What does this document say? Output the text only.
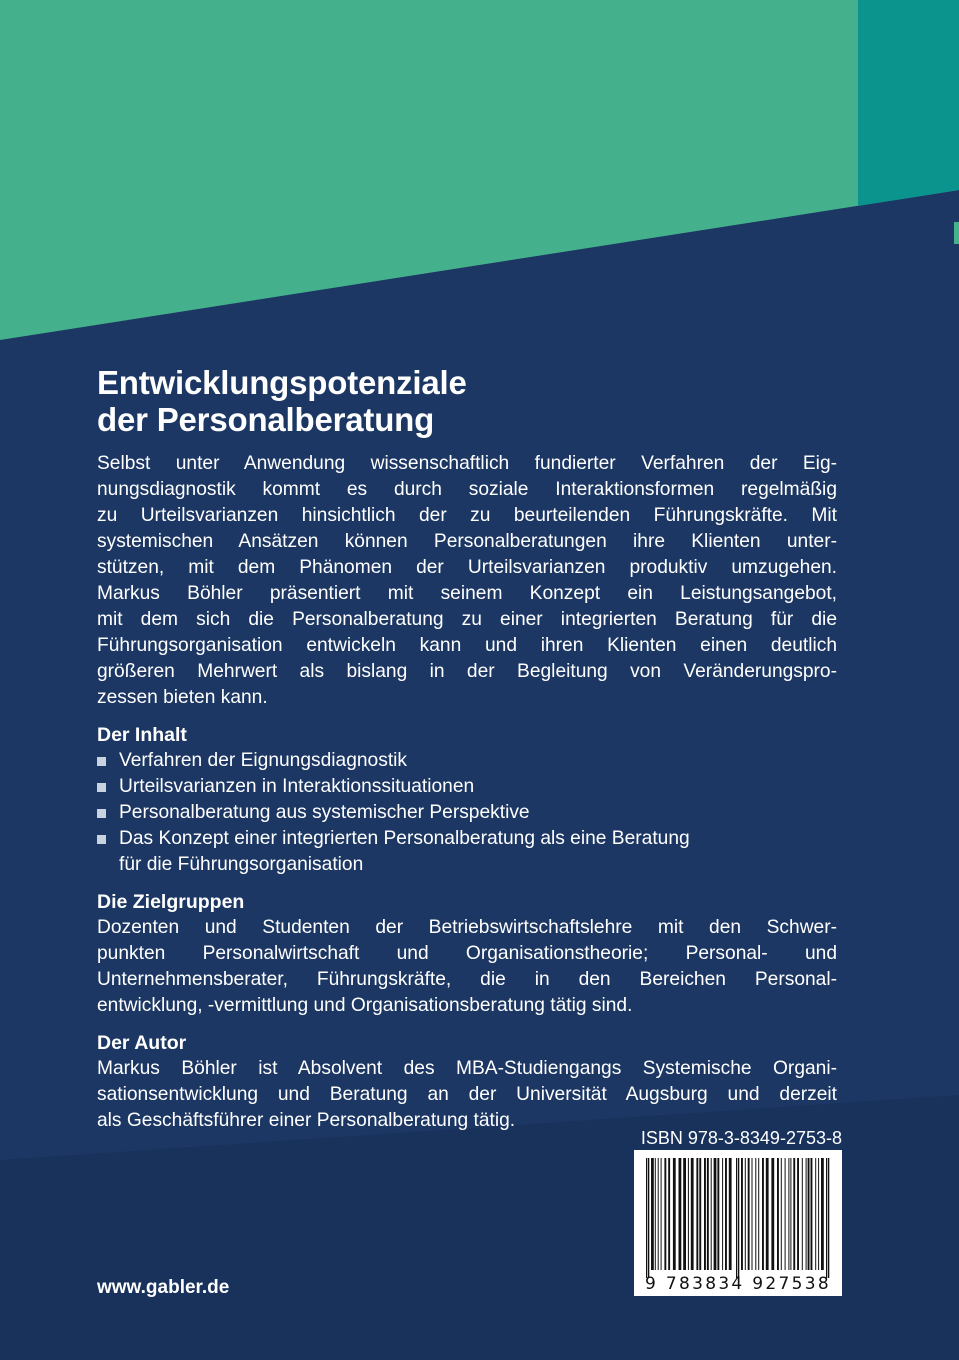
Entwicklungspotenziale
der Personalberatung

Selbst unter Anwendung wissenschaftlich fundierter Verfahren der Eig-
nungsdiagnostik kommt es durch soziale Interaktionsformen regelmäßig
zu Urteilsvarianzen hinsichtlich der zu beurteilenden Führungskräfte. Mit
systemischen Ansätzen können Personalberatungen ihre Klienten unter-
stützen, mit dem Phänomen der Urteilsvarianzen produktiv umzugehen.
Markus Böhler präsentiert mit seinem Konzept ein Leistungsangebot,
mit dem sich die Personalberatung zu einer integrierten Beratung für die
Führungsorganisation entwickeln kann und ihren Klienten einen deutlich
größeren Mehrwert als bislang in der Begleitung von Veränderungspro-
zessen bieten kann.

Der Inhalt
Verfahren der Eignungsdiagnostik
Urteilsvarianzen in Interaktionssituationen
Personalberatung aus systemischer Perspektive
Das Konzept einer integrierten Personalberatung als eine Beratung
für die Führungsorganisation
Die Zielgruppen

Dozenten und Studenten der Betriebswirtschaftslehre mit den Schwer-
punkten Personalwirtschaft und Organisationstheorie; Personal- und
Unternehmensberater, Führungskräfte, die in den Bereichen Personal-
entwicklung, -vermittlung und Organisationsberatung tätig sind.

Der Autor

Markus Böhler ist Absolvent des MBA-Studiengangs Systemische Organi-
sationsentwicklung und Beratung an der Universität Augsburg und derzeit
als Geschäftsführer einer Personalberatung tätig.

ISBN 978-3-8349-2753-8

9 783834 927538

www.gabler.de
